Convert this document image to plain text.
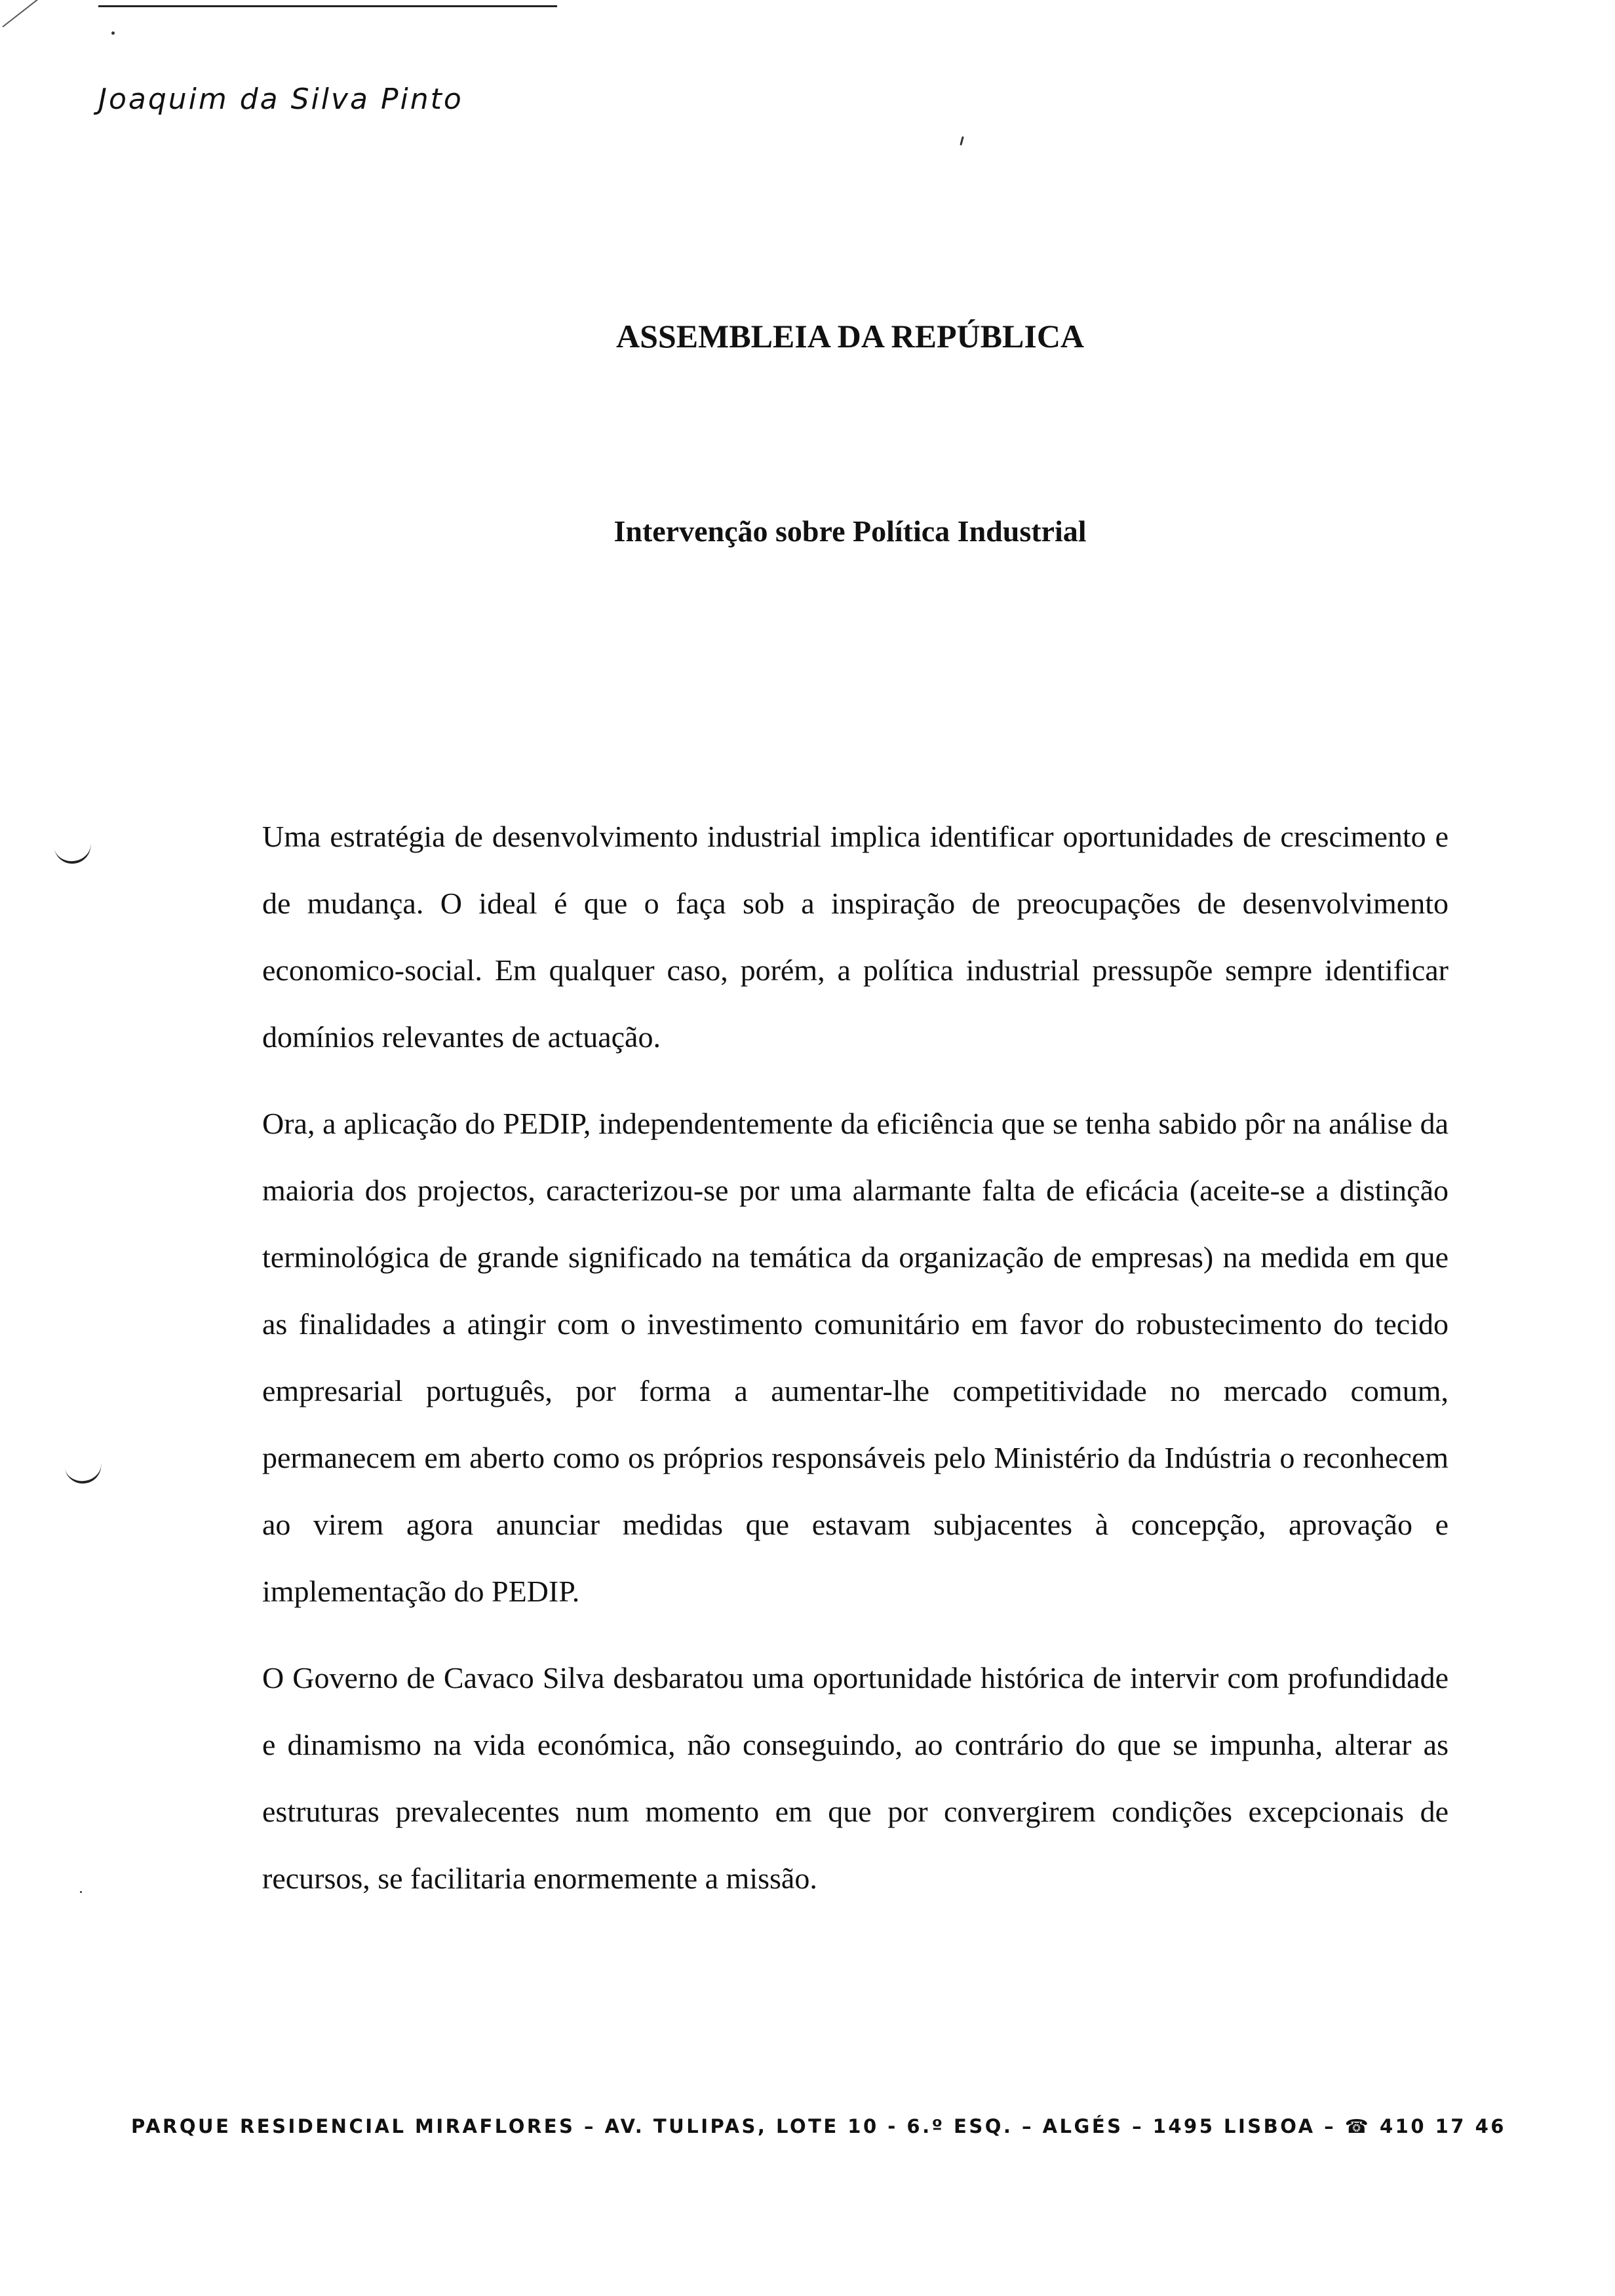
Joaquim da Silva Pinto
ASSEMBLEIA DA REPÚBLICA
Intervenção sobre Política Industrial

Uma estratégia de desenvolvimento industrial implica identificar oportunidades de crescimento e de mudança. O ideal é que o faça sob a inspiração de preocupações de desenvolvimento economico-social. Em qualquer caso, porém, a política industrial pressupõe sempre identificar domínios relevantes de actuação.

Ora, a aplicação do PEDIP, independentemente da eficiência que se tenha sabido pôr na análise da maioria dos projectos, caracterizou-se por uma alarmante falta de eficácia (aceite-se a distinção terminológica de grande significado na temática da organização de empresas) na medida em que as finalidades a atingir com o investimento comunitário em favor do robustecimento do tecido empresarial português, por forma a aumentar-lhe competitividade no mercado comum, permanecem em aberto como os próprios responsáveis pelo Ministério da Indústria o reconhecem ao virem agora anunciar medidas que estavam subjacentes à concepção, aprovação e implementação do PEDIP.

O Governo de Cavaco Silva desbaratou uma oportunidade histórica de intervir com profundidade e dinamismo na vida económica, não conseguindo, ao contrário do que se impunha, alterar as estruturas prevalecentes num momento em que por convergirem condições excepcionais de recursos, se facilitaria enormemente a missão.

PARQUE RESIDENCIAL MIRAFLORES – AV. TULIPAS, LOTE 10 - 6.º ESQ. – ALGÉS – 1495 LISBOA – ☎ 410 17 46
